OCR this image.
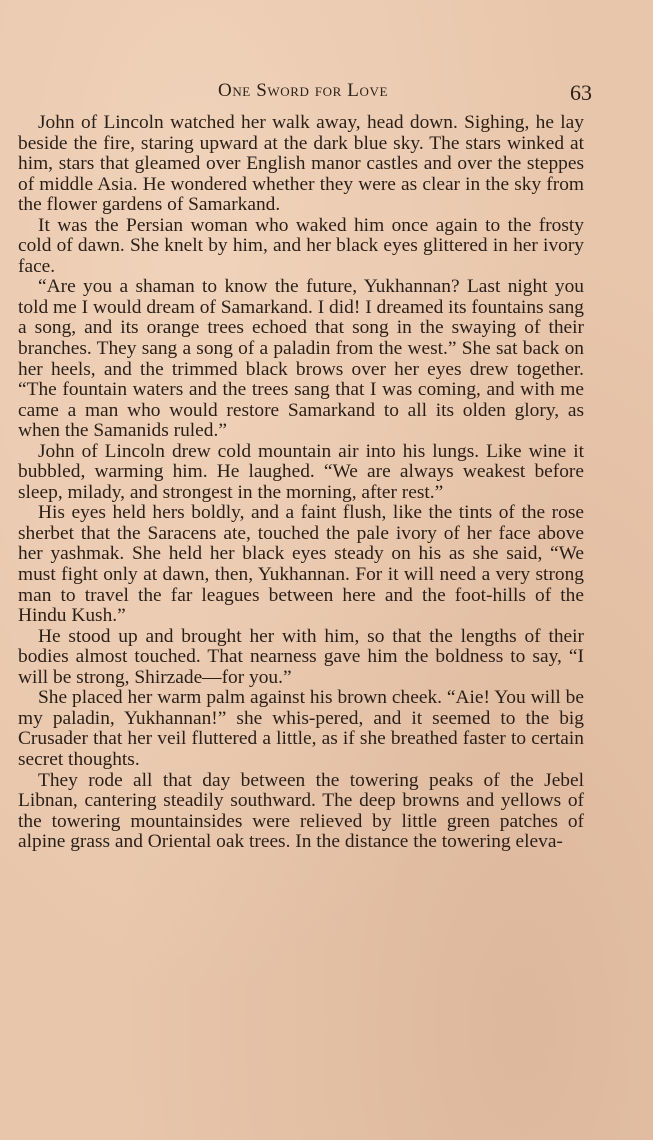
One Sword for Love	63

John of Lincoln watched her walk away, head down. Sighing, he lay beside the fire, staring upward at the dark blue sky. The stars winked at him, stars that gleamed over English manor castles and over the steppes of middle Asia. He wondered whether they were as clear in the sky from the flower gardens of Samarkand.

It was the Persian woman who waked him once again to the frosty cold of dawn. She knelt by him, and her black eyes glittered in her ivory face.

“Are you a shaman to know the future, Yukhannan? Last night you told me I would dream of Samarkand. I did! I dreamed its fountains sang a song, and its orange trees echoed that song in the swaying of their branches. They sang a song of a paladin from the west.” She sat back on her heels, and the trimmed black brows over her eyes drew together. “The fountain waters and the trees sang that I was coming, and with me came a man who would restore Samarkand to all its olden glory, as when the Samanids ruled.”

John of Lincoln drew cold mountain air into his lungs. Like wine it bubbled, warming him. He laughed. “We are always weakest before sleep, milady, and strongest in the morning, after rest.”

His eyes held hers boldly, and a faint flush, like the tints of the rose sherbet that the Saracens ate, touched the pale ivory of her face above her yashmak. She held her black eyes steady on his as she said, “We must fight only at dawn, then, Yukhannan. For it will need a very strong man to travel the far leagues between here and the foot-hills of the Hindu Kush.”

He stood up and brought her with him, so that the lengths of their bodies almost touched. That nearness gave him the boldness to say, “I will be strong, Shirzade—for you.”

She placed her warm palm against his brown cheek. “Aie! You will be my paladin, Yukhannan!” she whis-pered, and it seemed to the big Crusader that her veil fluttered a little, as if she breathed faster to certain secret thoughts.

They rode all that day between the towering peaks of the Jebel Libnan, cantering steadily southward. The deep browns and yellows of the towering mountainsides were relieved by little green patches of alpine grass and Oriental oak trees. In the distance the towering eleva-
